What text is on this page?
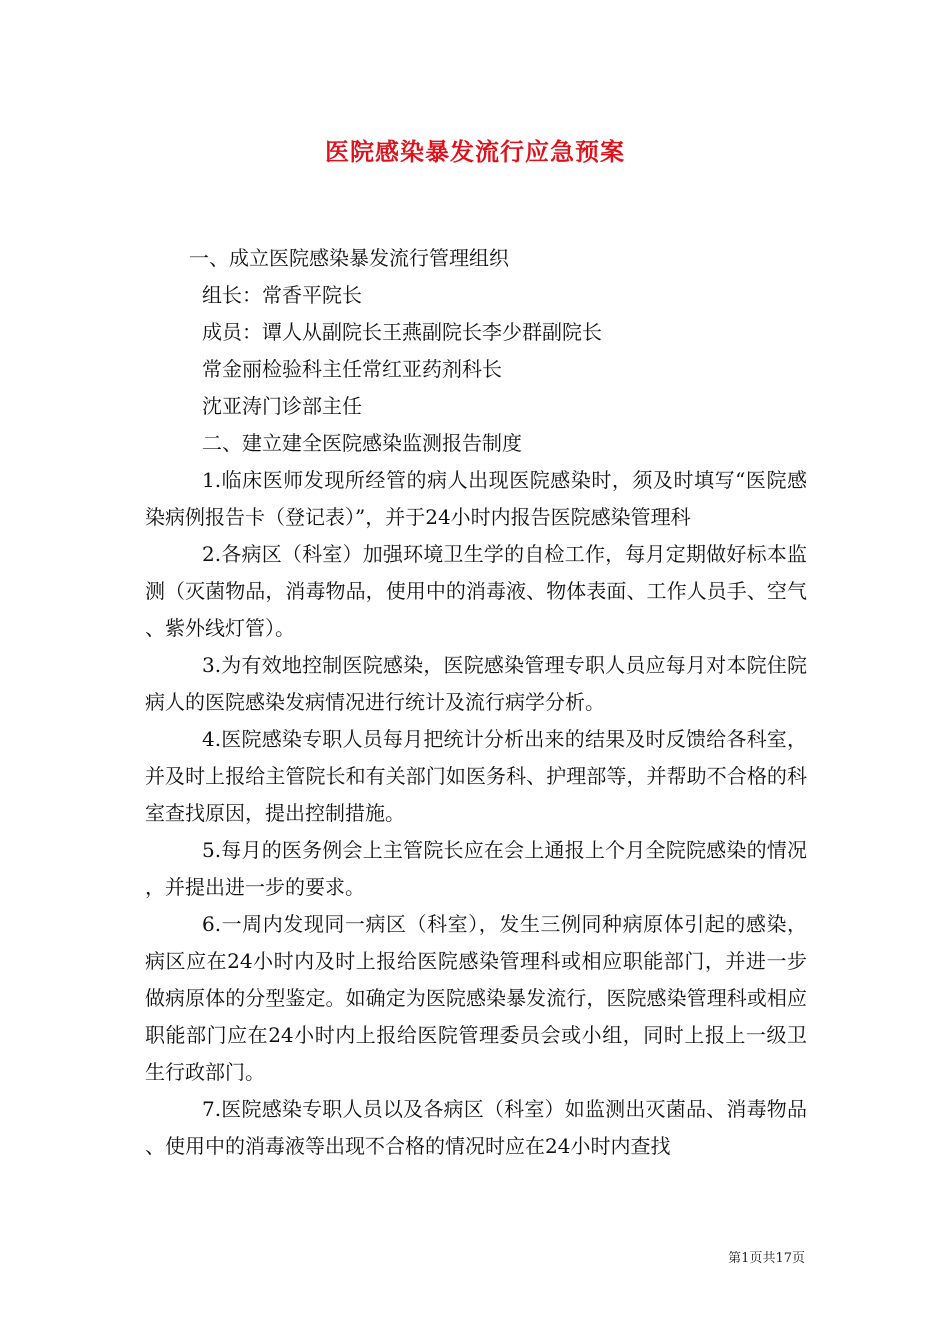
医院感染暴发流行应急预案

一、成立医院感染暴发流行管理组织

组长：常香平院长

成员：谭人从副院长王燕副院长李少群副院长

常金丽检验科主任常红亚药剂科长

沈亚涛门诊部主任

二、建立建全医院感染监测报告制度

1.临床医师发现所经管的病人出现医院感染时，须及时填写“医院感染病例报告卡（登记表）”，并于24小时内报告医院感染管理科

2.各病区（科室）加强环境卫生学的自检工作，每月定期做好标本监测（灭菌物品，消毒物品，使用中的消毒液、物体表面、工作人员手、空气、紫外线灯管）。

3.为有效地控制医院感染，医院感染管理专职人员应每月对本院住院病人的医院感染发病情况进行统计及流行病学分析。

4.医院感染专职人员每月把统计分析出来的结果及时反馈给各科室，并及时上报给主管院长和有关部门如医务科、护理部等，并帮助不合格的科室查找原因，提出控制措施。

5.每月的医务例会上主管院长应在会上通报上个月全院院感染的情况，并提出进一步的要求。

6.一周内发现同一病区（科室），发生三例同种病原体引起的感染，病区应在24小时内及时上报给医院感染管理科或相应职能部门，并进一步做病原体的分型鉴定。如确定为医院感染暴发流行，医院感染管理科或相应职能部门应在24小时内上报给医院管理委员会或小组，同时上报上一级卫生行政部门。

7.医院感染专职人员以及各病区（科室）如监测出灭菌品、消毒物品、使用中的消毒液等出现不合格的情况时应在24小时内查找

第1页共17页
